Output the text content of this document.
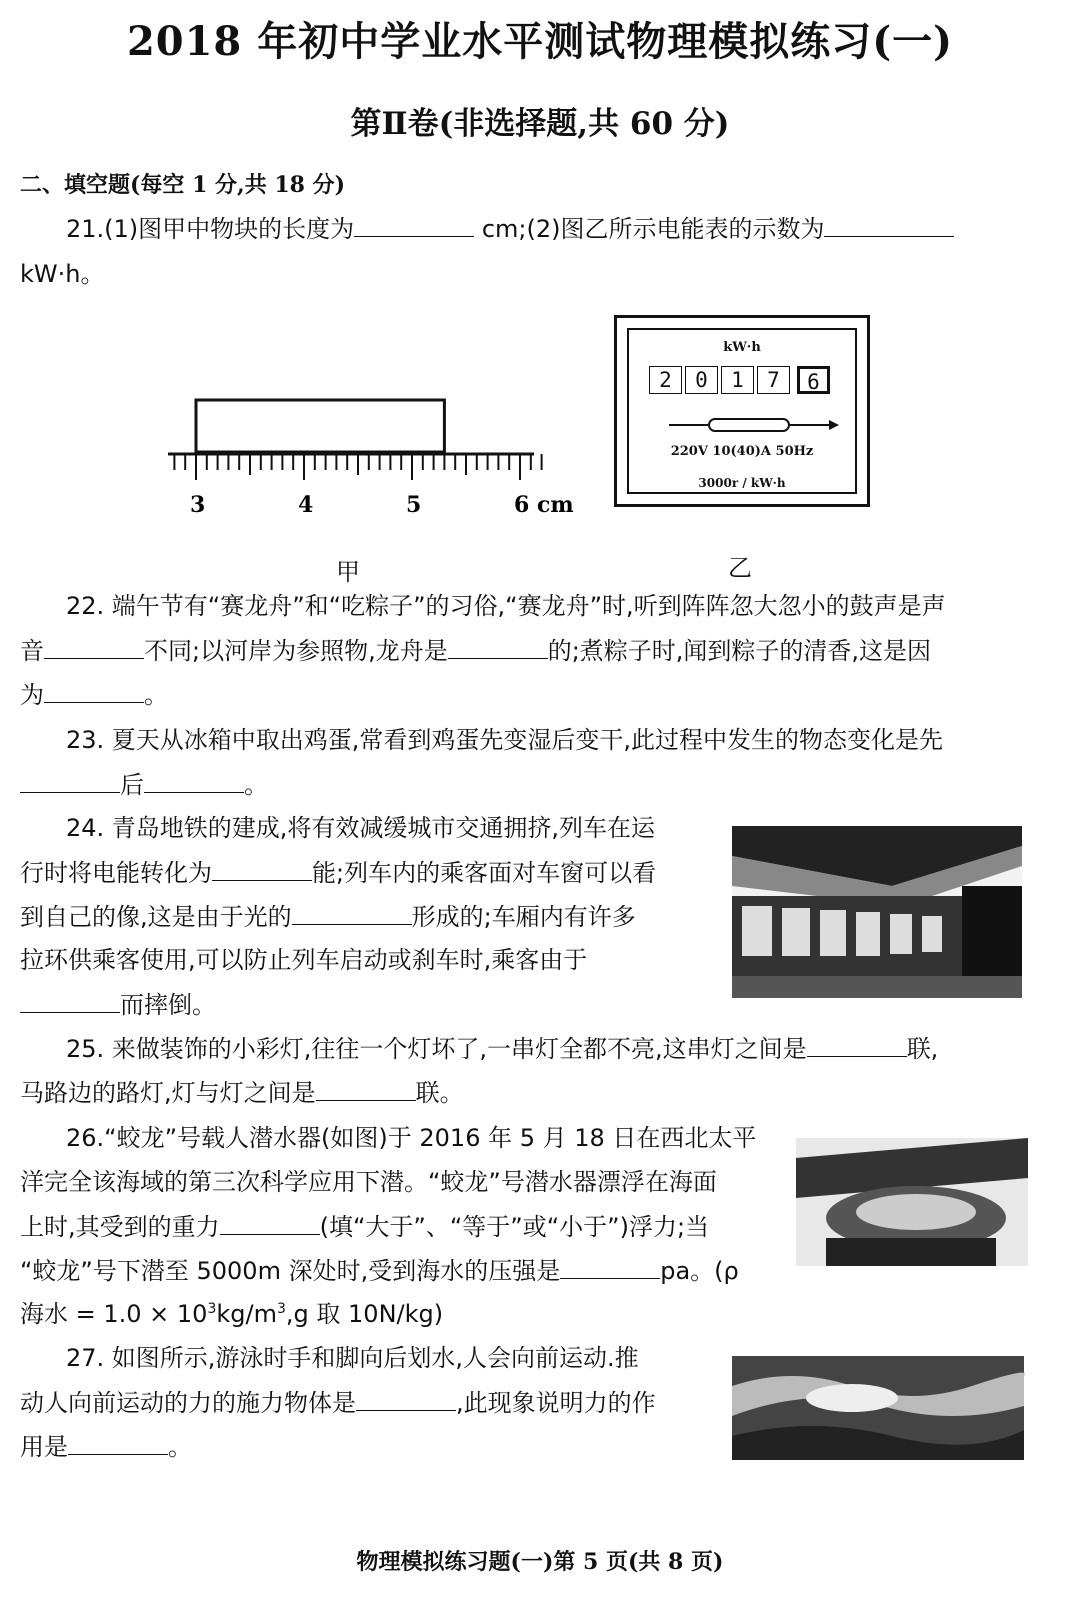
2018 年初中学业水平测试物理模拟练习(一)
第Ⅱ卷(非选择题,共 60 分)
二、填空题(每空 1 分,共 18 分)
21.(1)图甲中物块的长度为	cm;(2)图乙所示电能表的示数为
kW·h。
3	4	5	6 cm
甲
kW·h
2	0	1	7	6
220V 10(40)A 50Hz
3000r / kW·h
乙
22. 端午节有“赛龙舟”和“吃粽子”的习俗,“赛龙舟”时,听到阵阵忽大忽小的鼓声是声
音	不同;以河岸为参照物,龙舟是	的;煮粽子时,闻到粽子的清香,这是因
为	。
23. 夏天从冰箱中取出鸡蛋,常看到鸡蛋先变湿后变干,此过程中发生的物态变化是先
后	。
24. 青岛地铁的建成,将有效减缓城市交通拥挤,列车在运
行时将电能转化为	能;列车内的乘客面对车窗可以看
到自己的像,这是由于光的	形成的;车厢内有许多
拉环供乘客使用,可以防止列车启动或刹车时,乘客由于
而摔倒。
25. 来做装饰的小彩灯,往往一个灯坏了,一串灯全都不亮,这串灯之间是	联,
马路边的路灯,灯与灯之间是	联。
26.“蛟龙”号载人潜水器(如图)于 2016 年 5 月 18 日在西北太平
洋完全该海域的第三次科学应用下潜。“蛟龙”号潜水器漂浮在海面
上时,其受到的重力	(填“大于”、“等于”或“小于”)浮力;当
“蛟龙”号下潜至 5000m 深处时,受到海水的压强是	pa。(ρ
海水 = $1.0 \times 10^3kg/m^3,g$ 取 10N/kg)
27. 如图所示,游泳时手和脚向后划水,人会向前运动.推
动人向前运动的力的施力物体是	,此现象说明力的作
用是	。
物理模拟练习题(一)第 5 页(共 8 页)
